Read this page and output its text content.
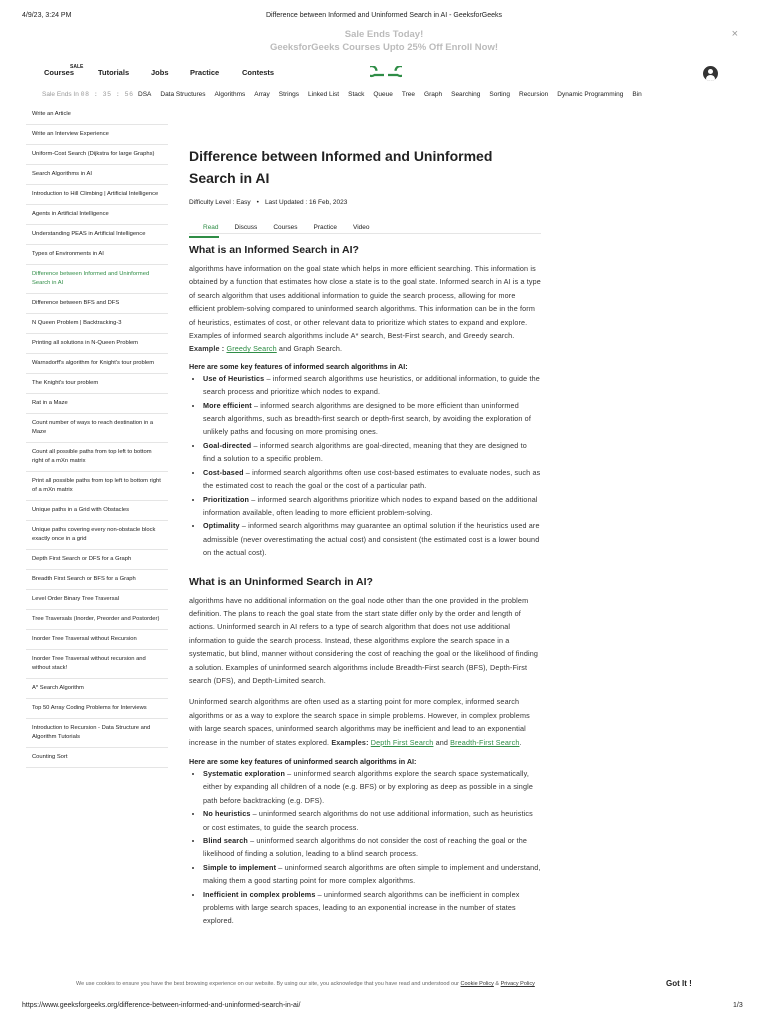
4/9/23, 3:24 PM	Difference between Informed and Uninformed Search in AI - GeeksforGeeks
Sale Ends Today!
GeeksforGeeks Courses Upto 25% Off Enroll Now!
×
SALE
Courses	Tutorials	Jobs	Practice	Contests
Sale Ends In 08 : 35 : 56 DSA Data Structures Algorithms Array Strings Linked List Stack Queue Tree Graph Searching Sorting Recursion Dynamic Programming Bin
Write an Article
Write an Interview Experience
Uniform-Cost Search (Dijkstra for large Graphs)
Search Algorithms in AI
Introduction to Hill Climbing | Artificial Intelligence
Agents in Artificial Intelligence
Understanding PEAS in Artificial Intelligence
Types of Environments in AI
Difference between Informed and Uninformed Search in AI
Difference between BFS and DFS
N Queen Problem | Backtracking-3
Printing all solutions in N-Queen Problem
Warnsdorff's algorithm for Knight's tour problem
The Knight's tour problem
Rat in a Maze
Count number of ways to reach destination in a Maze
Count all possible paths from top left to bottom right of a mXn matrix
Print all possible paths from top left to bottom right of a mXn matrix
Unique paths in a Grid with Obstacles
Unique paths covering every non-obstacle block exactly once in a grid
Depth First Search or DFS for a Graph
Breadth First Search or BFS for a Graph
Level Order Binary Tree Traversal
Tree Traversals (Inorder, Preorder and Postorder)
Inorder Tree Traversal without Recursion
Inorder Tree Traversal without recursion and without stack!
A* Search Algorithm
Top 50 Array Coding Problems for Interviews
Introduction to Recursion - Data Structure and Algorithm Tutorials
Counting Sort
Difference between Informed and Uninformed Search in AI
Difficulty Level : Easy • Last Updated : 16 Feb, 2023
Read Discuss Courses Practice Video
What is an Informed Search in AI?

algorithms have information on the goal state which helps in more efficient searching. This information is obtained by a function that estimates how close a state is to the goal state. Informed search in AI is a type of search algorithm that uses additional information to guide the search process, allowing for more efficient problem-solving compared to uninformed search algorithms. This information can be in the form of heuristics, estimates of cost, or other relevant data to prioritize which states to expand and explore. Examples of informed search algorithms include A* search, Best-First search, and Greedy search. Example : Greedy Search and Graph Search.

Here are some key features of informed search algorithms in AI:
• Use of Heuristics – informed search algorithms use heuristics, or additional information, to guide the search process and prioritize which nodes to expand.
• More efficient – informed search algorithms are designed to be more efficient than uninformed search algorithms, such as breadth-first search or depth-first search, by avoiding the exploration of unlikely paths and focusing on more promising ones.
• Goal-directed – informed search algorithms are goal-directed, meaning that they are designed to find a solution to a specific problem.
• Cost-based – informed search algorithms often use cost-based estimates to evaluate nodes, such as the estimated cost to reach the goal or the cost of a particular path.
• Prioritization – informed search algorithms prioritize which nodes to expand based on the additional information available, often leading to more efficient problem-solving.
• Optimality – informed search algorithms may guarantee an optimal solution if the heuristics used are admissible (never overestimating the actual cost) and consistent (the estimated cost is a lower bound on the actual cost).
What is an Uninformed Search in AI?

algorithms have no additional information on the goal node other than the one provided in the problem definition. The plans to reach the goal state from the start state differ only by the order and length of actions. Uninformed search in AI refers to a type of search algorithm that does not use additional information to guide the search process. Instead, these algorithms explore the search space in a systematic, but blind, manner without considering the cost of reaching the goal or the likelihood of finding a solution. Examples of uninformed search algorithms include Breadth-First search (BFS), Depth-First search (DFS), and Depth-Limited search.

Uninformed search algorithms are often used as a starting point for more complex, informed search algorithms or as a way to explore the search space in simple problems. However, in complex problems with large search spaces, uninformed search algorithms may be inefficient and lead to an exponential increase in the number of states explored. Examples: Depth First Search and Breadth-First Search.

Here are some key features of uninformed search algorithms in AI:
• Systematic exploration – uninformed search algorithms explore the search space systematically, either by expanding all children of a node (e.g. BFS) or by exploring as deep as possible in a single path before backtracking (e.g. DFS).
• No heuristics – uninformed search algorithms do not use additional information, such as heuristics or cost estimates, to guide the search process.
• Blind search – uninformed search algorithms do not consider the cost of reaching the goal or the likelihood of finding a solution, leading to a blind search process.
• Simple to implement – uninformed search algorithms are often simple to implement and understand, making them a good starting point for more complex algorithms.
• Inefficient in complex problems – uninformed search algorithms can be inefficient in complex problems with large search spaces, leading to an exponential increase in the number of states explored.
We use cookies to ensure you have the best browsing experience on our website. By using our site, you acknowledge that you have read and understood our Cookie Policy & Privacy Policy	Got It !
https://www.geeksforgeeks.org/difference-between-informed-and-uninformed-search-in-ai/	1/3
